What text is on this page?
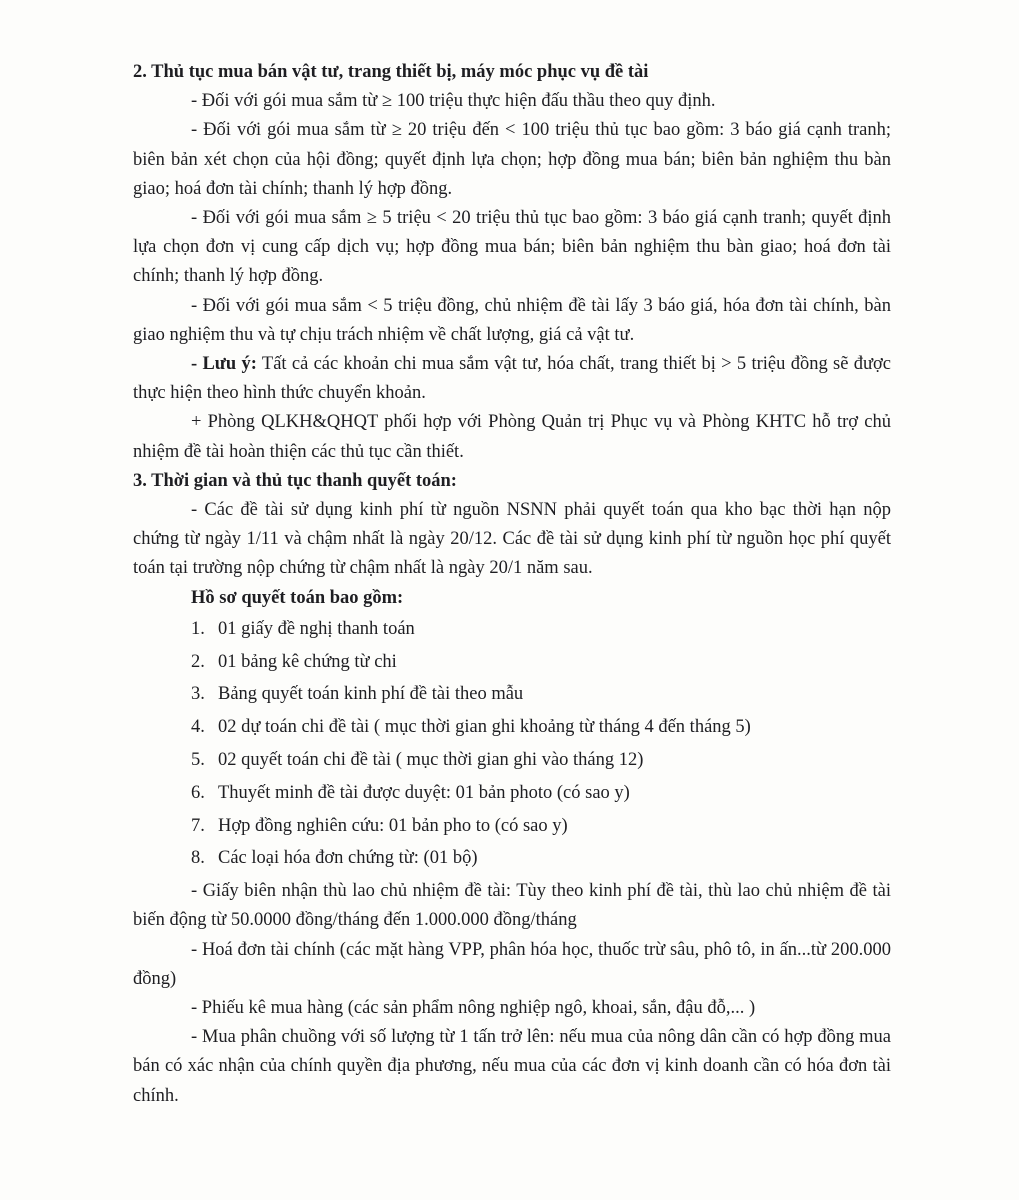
2. Thủ tục mua bán vật tư, trang thiết bị, máy móc phục vụ đề tài

- Đối với gói mua sắm từ ≥ 100 triệu thực hiện đấu thầu theo quy định.

- Đối với gói mua sắm từ ≥ 20 triệu đến < 100 triệu thủ tục bao gồm: 3 báo giá cạnh tranh; biên bản xét chọn của hội đồng; quyết định lựa chọn; hợp đồng mua bán; biên bản nghiệm thu bàn giao; hoá đơn tài chính; thanh lý hợp đồng.

- Đối với gói mua sắm ≥ 5 triệu < 20 triệu thủ tục bao gồm: 3 báo giá cạnh tranh; quyết định lựa chọn đơn vị cung cấp dịch vụ; hợp đồng mua bán; biên bản nghiệm thu bàn giao; hoá đơn tài chính; thanh lý hợp đồng.

- Đối với gói mua sắm < 5 triệu đồng, chủ nhiệm đề tài lấy 3 báo giá, hóa đơn tài chính, bàn giao nghiệm thu và tự chịu trách nhiệm về chất lượng, giá cả vật tư.

- Lưu ý: Tất cả các khoản chi mua sắm vật tư, hóa chất, trang thiết bị > 5 triệu đồng sẽ được thực hiện theo hình thức chuyển khoản.

+ Phòng QLKH&QHQT phối hợp với Phòng Quản trị Phục vụ và Phòng KHTC hỗ trợ chủ nhiệm đề tài hoàn thiện các thủ tục cần thiết.

3. Thời gian và thủ tục thanh quyết toán:

- Các đề tài sử dụng kinh phí từ nguồn NSNN phải quyết toán qua kho bạc thời hạn nộp chứng từ ngày 1/11 và chậm nhất là ngày 20/12. Các đề tài sử dụng kinh phí từ nguồn học phí quyết toán tại trường nộp chứng từ chậm nhất là ngày 20/1 năm sau.

Hồ sơ quyết toán bao gồm:

1. 01 giấy đề nghị thanh toán
2. 01 bảng kê chứng từ chi
3. Bảng quyết toán kinh phí đề tài theo mẫu
4. 02 dự toán chi đề tài ( mục thời gian ghi khoảng từ tháng 4 đến tháng 5)
5. 02 quyết toán chi đề tài ( mục thời gian ghi vào tháng 12)
6. Thuyết minh đề tài được duyệt: 01 bản photo (có sao y)
7. Hợp đồng nghiên cứu: 01 bản pho to (có sao y)
8. Các loại hóa đơn chứng từ: (01 bộ)

- Giấy biên nhận thù lao chủ nhiệm đề tài: Tùy theo kinh phí đề tài, thù lao chủ nhiệm đề tài biến động từ 50.0000 đồng/tháng đến 1.000.000 đồng/tháng

- Hoá đơn tài chính (các mặt hàng VPP, phân hóa học, thuốc trừ sâu, phô tô, in ấn...từ 200.000 đồng)

- Phiếu kê mua hàng (các sản phẩm nông nghiệp ngô, khoai, sắn, đậu đỗ,... )

- Mua phân chuồng với số lượng từ 1 tấn trở lên: nếu mua của nông dân cần có hợp đồng mua bán có xác nhận của chính quyền địa phương, nếu mua của các đơn vị kinh doanh cần có hóa đơn tài chính.
